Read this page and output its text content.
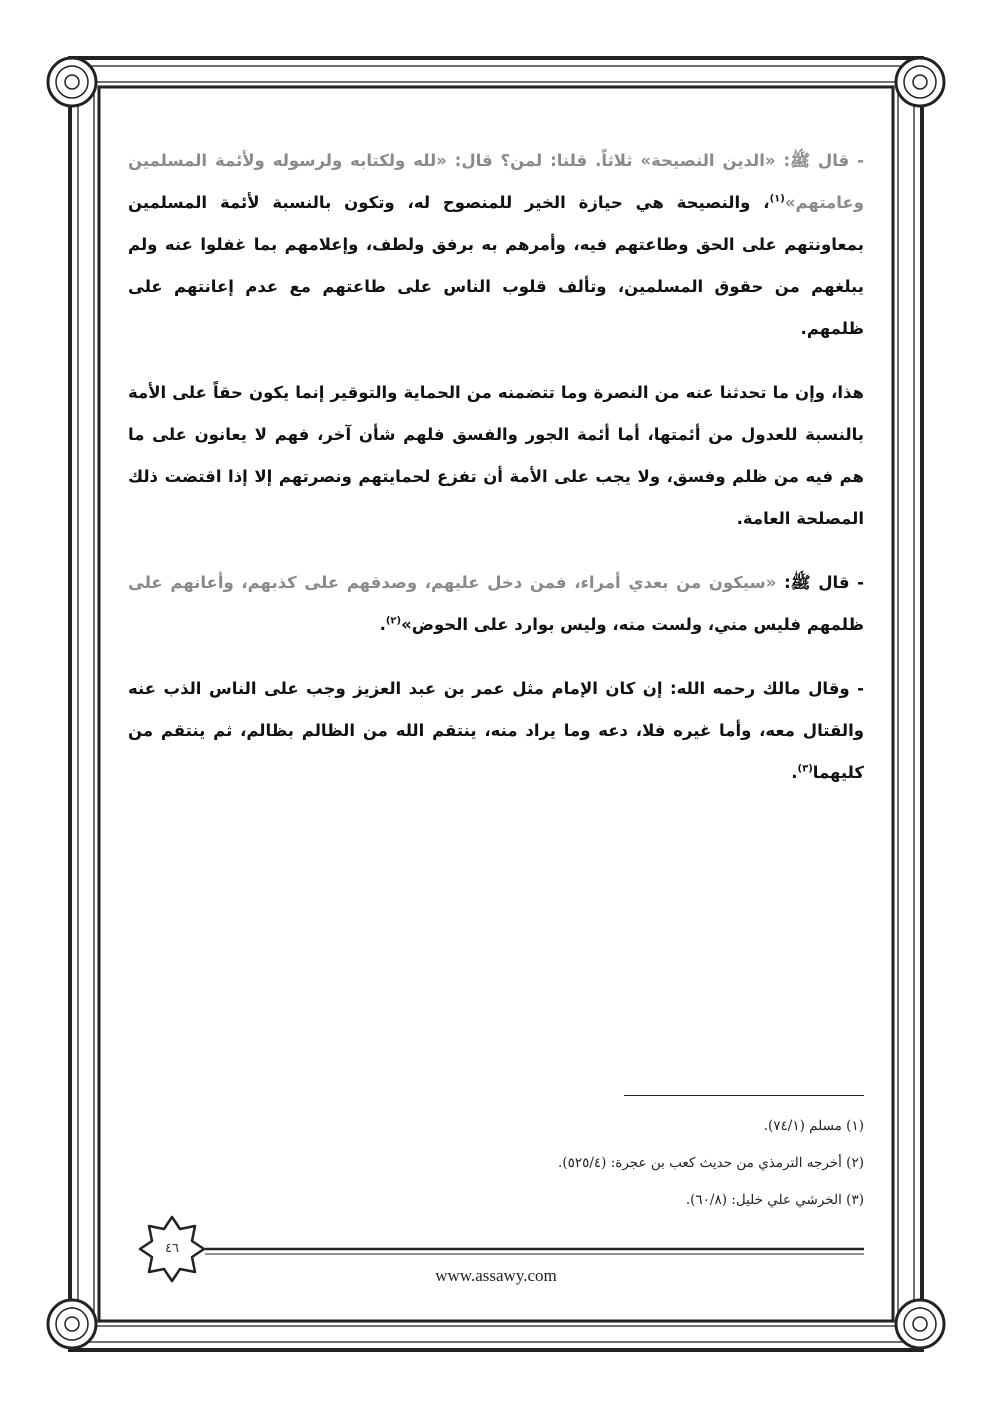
- قال ﷺ: «الدين النصيحة» ثلاثاً. قلنا: لمن؟ قال: «لله ولكتابه ولرسوله ولأئمة المسلمين وعامتهم»$^{(١)}$، والنصيحة هي حيازة الخير للمنصوح له، وتكون بالنسبة لأئمة المسلمين بمعاونتهم على الحق وطاعتهم فيه، وأمرهم به برفق ولطف، وإعلامهم بما غفلوا عنه ولم يبلغهم من حقوق المسلمين، وتألف قلوب الناس على طاعتهم مع عدم إعانتهم على ظلمهم.

هذا، وإن ما تحدثنا عنه من النصرة وما تتضمنه من الحماية والتوقير إنما يكون حقاً على الأمة بالنسبة للعدول من أئمتها، أما أئمة الجور والفسق فلهم شأن آخر، فهم لا يعانون على ما هم فيه من ظلم وفسق، ولا يجب على الأمة أن تفزع لحمايتهم ونصرتهم إلا إذا اقتضت ذلك المصلحة العامة.

- قال ﷺ: «سيكون من بعدي أمراء، فمن دخل عليهم، وصدقهم على كذبهم، وأعانهم على ظلمهم فليس مني، ولست منه، وليس بوارد على الحوض»$^{(٢)}$.

- وقال مالك رحمه الله: إن كان الإمام مثل عمر بن عبد العزيز وجب على الناس الذب عنه والقتال معه، وأما غيره فلا، دعه وما يراد منه، ينتقم الله من الظالم بظالم، ثم ينتقم من كليهما$^{(٣)}$.

(١) مسلم (٧٤/١).
(٢) أخرجه الترمذي من حديث كعب بن عجرة: (٥٢٥/٤).
(٣) الخرشي علي خليل: (٦٠/٨).
٤٦
www.assawy.com
